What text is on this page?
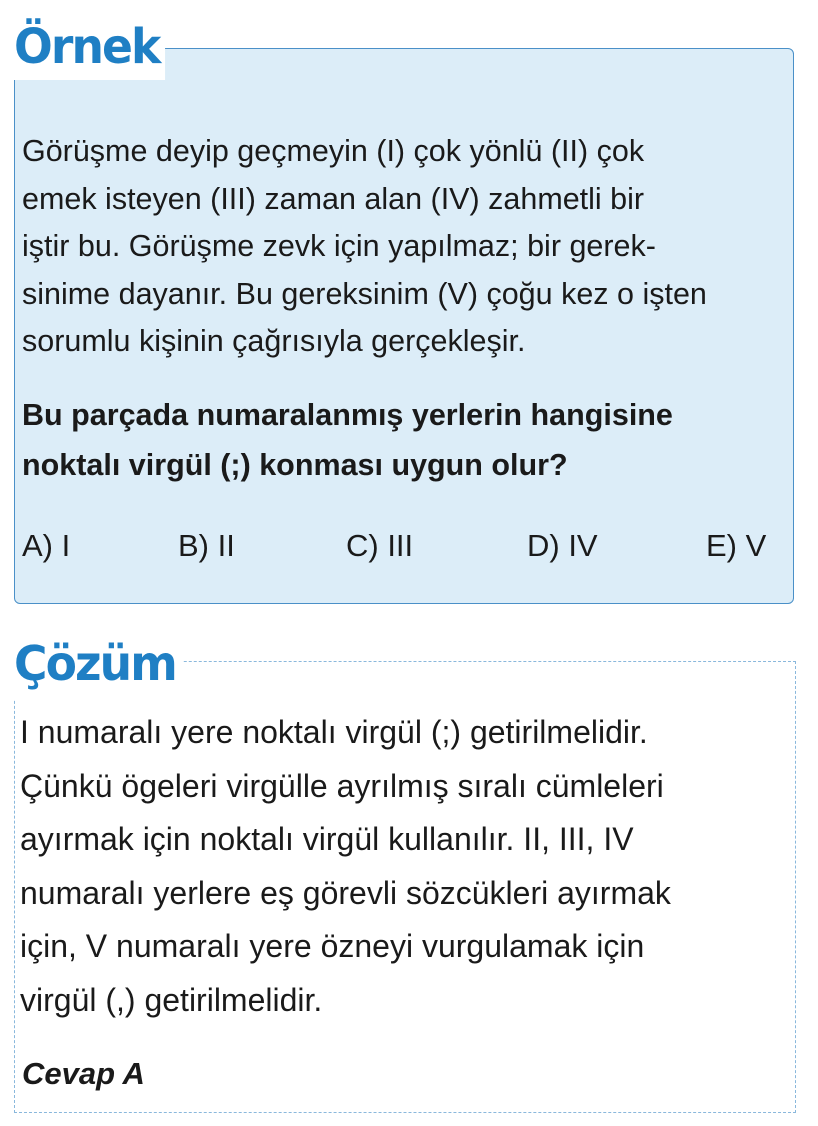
Örnek
Görüşme deyip geçmeyin (I) çok yönlü (II) çok
emek isteyen (III) zaman alan (IV) zahmetli bir
iştir bu. Görüşme zevk için yapılmaz; bir gerek-
sinime dayanır. Bu gereksinim (V) çoğu kez o işten
sorumlu kişinin çağrısıyla gerçekleşir.
Bu parçada numaralanmış yerlerin hangisine
noktalı virgül (;) konması uygun olur?
A) I	B) II	C) III	D) IV	E) V
Çözüm
I numaralı yere noktalı virgül (;) getirilmelidir.
Çünkü ögeleri virgülle ayrılmış sıralı cümleleri
ayırmak için noktalı virgül kullanılır. II, III, IV
numaralı yerlere eş görevli sözcükleri ayırmak
için, V numaralı yere özneyi vurgulamak için
virgül (,) getirilmelidir.
Cevap A
